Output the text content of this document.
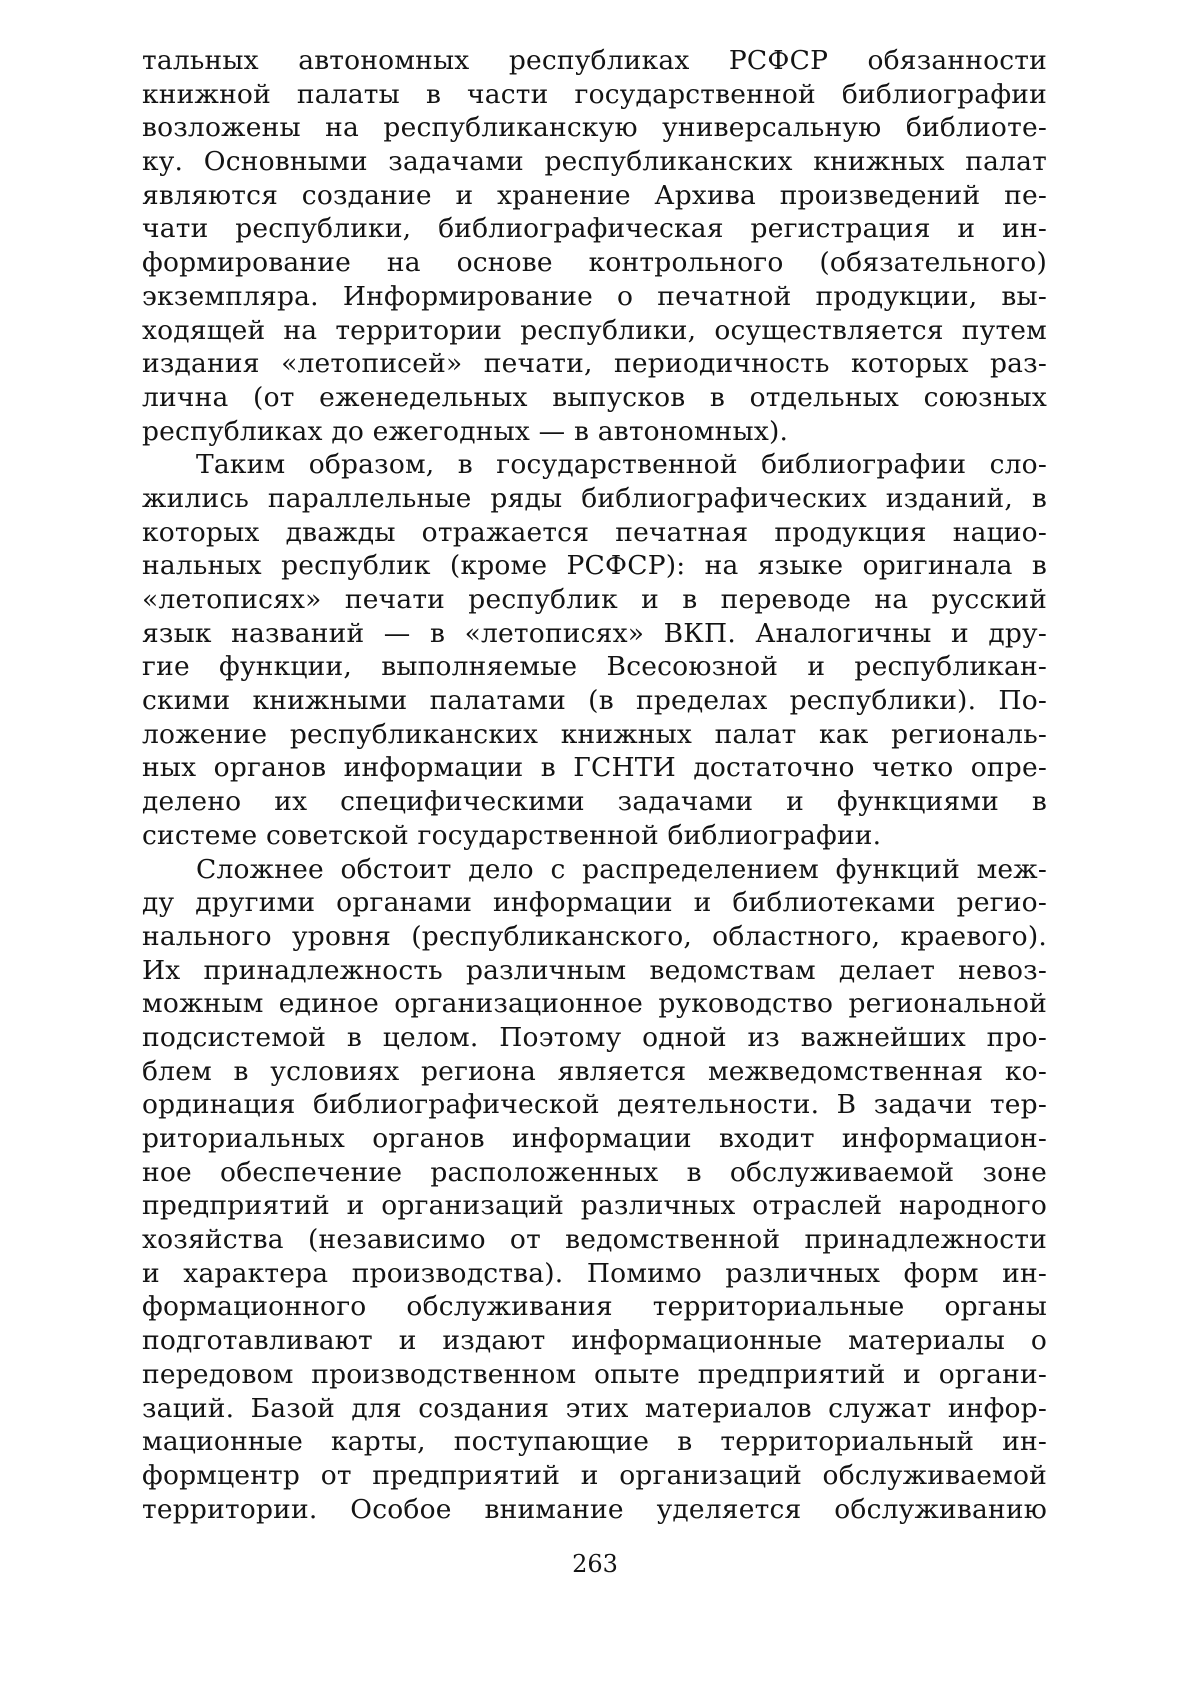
тальных автономных республиках РСФСР обязанности
книжной палаты в части государственной библиографии
возложены на республиканскую универсальную библиоте-
ку. Основными задачами республиканских книжных палат
являются создание и хранение Архива произведений пе-
чати республики, библиографическая регистрация и ин-
формирование на основе контрольного (обязательного)
экземпляра. Информирование о печатной продукции, вы-
ходящей на территории республики, осуществляется путем
издания «летописей» печати, периодичность которых раз-
лична (от еженедельных выпусков в отдельных союзных
республиках до ежегодных — в автономных).
Таким образом, в государственной библиографии сло-
жились параллельные ряды библиографических изданий, в
которых дважды отражается печатная продукция нацио-
нальных республик (кроме РСФСР): на языке оригинала в
«летописях» печати республик и в переводе на русский
язык названий — в «летописях» ВКП. Аналогичны и дру-
гие функции, выполняемые Всесоюзной и республикан-
скими книжными палатами (в пределах республики). По-
ложение республиканских книжных палат как региональ-
ных органов информации в ГСНТИ достаточно четко опре-
делено их специфическими задачами и функциями в
системе советской государственной библиографии.
Сложнее обстоит дело с распределением функций меж-
ду другими органами информации и библиотеками регио-
нального уровня (республиканского, областного, краевого).
Их принадлежность различным ведомствам делает невоз-
можным единое организационное руководство региональной
подсистемой в целом. Поэтому одной из важнейших про-
блем в условиях региона является межведомственная ко-
ординация библиографической деятельности. В задачи тер-
риториальных органов информации входит информацион-
ное обеспечение расположенных в обслуживаемой зоне
предприятий и организаций различных отраслей народного
хозяйства (независимо от ведомственной принадлежности
и характера производства). Помимо различных форм ин-
формационного обслуживания территориальные органы
подготавливают и издают информационные материалы о
передовом производственном опыте предприятий и органи-
заций. Базой для создания этих материалов служат инфор-
мационные карты, поступающие в территориальный ин-
формцентр от предприятий и организаций обслуживаемой
территории. Особое внимание уделяется обслуживанию
263
